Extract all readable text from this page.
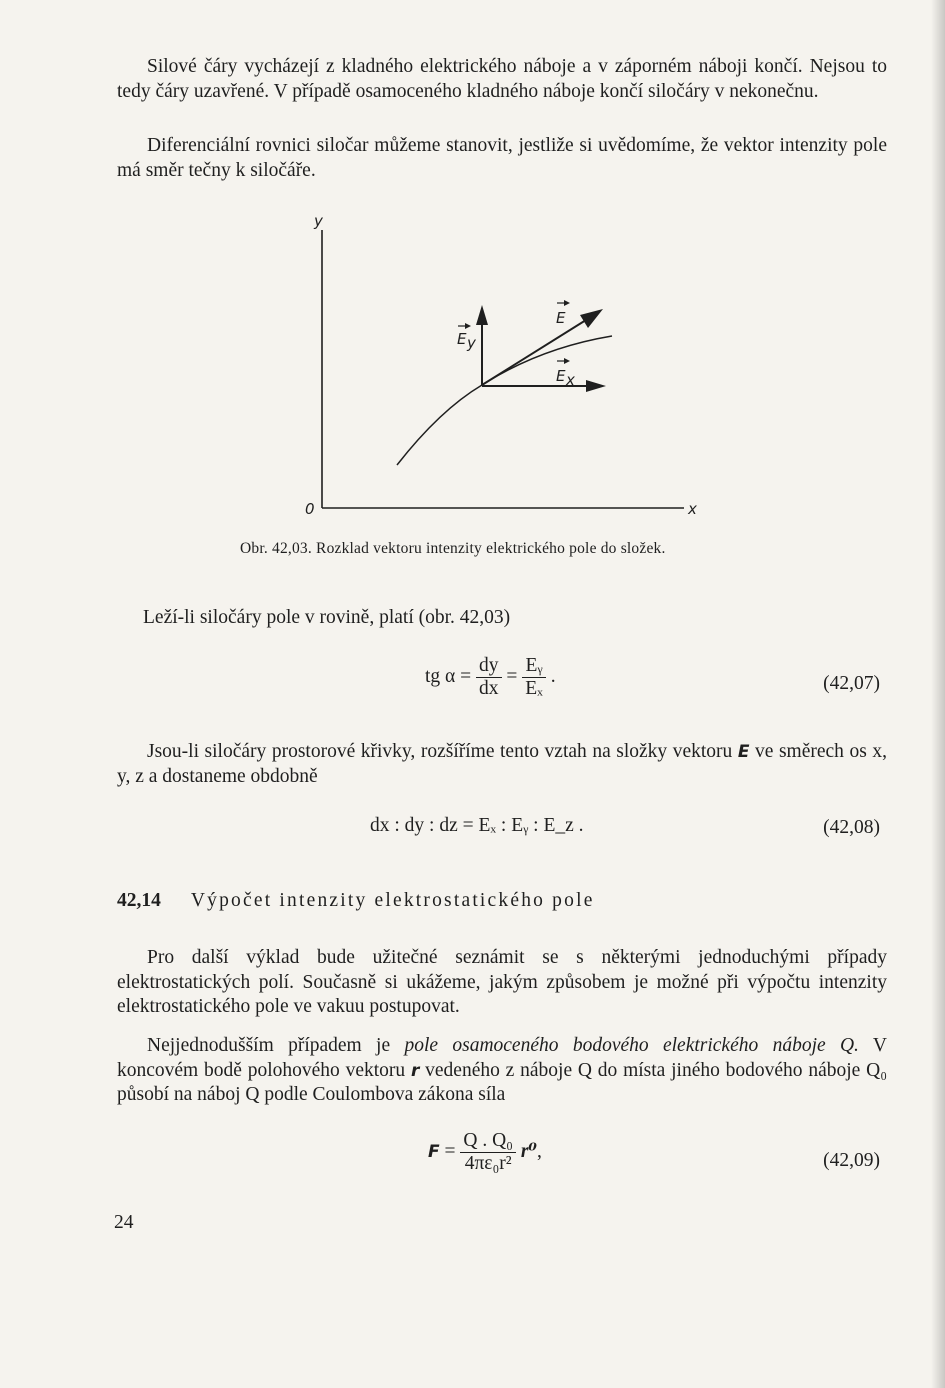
Silové čáry vycházejí z kladného elektrického náboje a v záporném náboji končí. Nejsou to tedy čáry uzavřené. V případě osamoceného kladného náboje končí siločáry v nekonečnu.

Diferenciální rovnici siločar můžeme stanovit, jestliže si uvědomíme, že vektor intenzity pole má směr tečny k siločáře.

y
x
0
E
E x
E y
Obr. 42,03. Rozklad vektoru intenzity elektrického pole do složek.

Leží-li siločáry pole v rovině, platí (obr. 42,03)

tg $\alpha = \frac{dy}{dx} = \frac{\text{Eᵧ}}{\text{Eₓ}}$ .	(42,07)

Jsou-li siločáry prostorové křivky, rozšíříme tento vztah na složky vektoru E ve směrech os x, y, z a dostaneme obdobně

dx : dy : dz = Eₓ : Eᵧ : E_z .	(42,08)
42,14 Výpočet intenzity elektrostatického pole

Pro další výklad bude užitečné seznámit se s některými jednoduchými případy elektrostatických polí. Současně si ukážeme, jakým způsobem je možné při výpočtu intenzity elektrostatického pole ve vakuu postupovat.

Nejjednodušším případem je pole osamoceného bodového elektrického náboje Q. V koncovém bodě polohového vektoru r vedeného z náboje Q do místa jiného bodového náboje Q₀ působí na náboj Q podle Coulombova zákona síla

$F = \frac{\text{Q . Q₀}}{\text{4πε₀r²}} r^0$,	(42,09)
24
